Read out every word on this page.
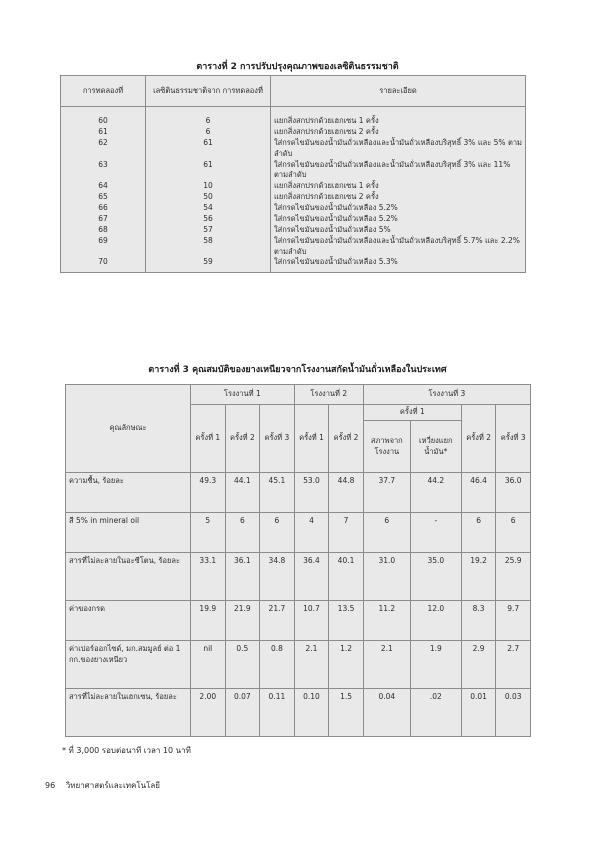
ตารางที่ 2 การปรับปรุงคุณภาพของเลซิตินธรรมชาติ
การทดลองที่	เลซิตินธรรมชาติจาก การทดลองที่	รายละเอียด
60	6	แยกสิ่งสกปรกด้วยเฮกเซน 1 ครั้ง
61	6	แยกสิ่งสกปรกด้วยเฮกเซน 2 ครั้ง
62	61	ใส่กรดไขมันของน้ำมันถั่วเหลืองและน้ำมันถั่วเหลืองบริสุทธิ์ 3% และ 5% ตามลำดับ
63	61	ใส่กรดไขมันของน้ำมันถั่วเหลืองและน้ำมันถั่วเหลืองบริสุทธิ์ 3% และ 11% ตามลำดับ
64	10	แยกสิ่งสกปรกด้วยเฮกเซน 1 ครั้ง
65	50	แยกสิ่งสกปรกด้วยเฮกเซน 2 ครั้ง
66	54	ใส่กรดไขมันของน้ำมันถั่วเหลือง 5.2%
67	56	ใส่กรดไขมันของน้ำมันถั่วเหลือง 5.2%
68	57	ใส่กรดไขมันของน้ำมันถั่วเหลือง 5%
69	58	ใส่กรดไขมันของน้ำมันถั่วเหลืองและน้ำมันถั่วเหลืองบริสุทธิ์ 5.7% และ 2.2% ตามลำดับ
70	59	ใส่กรดไขมันของน้ำมันถั่วเหลือง 5.3%
ตารางที่ 3 คุณสมบัติของยางเหนียวจากโรงงานสกัดน้ำมันถั่วเหลืองในประเทศ
คุณลักษณะ	โรงงานที่ 1			โรงงานที่ 2		โรงงานที่ 3			
	ครั้งที่ 1	ครั้งที่ 2	ครั้งที่ 3	ครั้งที่ 1	ครั้งที่ 2	ครั้งที่ 1		ครั้งที่ 2	ครั้งที่ 3
						สภาพจากโรงงาน	เหวี่ยงแยกน้ำมัน*		
ความชื้น, ร้อยละ	49.3	44.1	45.1	53.0	44.8	37.7	44.2	46.4	36.0
สี 5% in mineral oil	5	6	6	4	7	6	-	6	6
สารที่ไม่ละลายในอะซีโตน, ร้อยละ	33.1	36.1	34.8	36.4	40.1	31.0	35.0	19.2	25.9
ค่าของกรด	19.9	21.9	21.7	10.7	13.5	11.2	12.0	8.3	9.7
ค่าเปอร์ออกไซด์, มก.สมมูลย์ ต่อ 1 กก.ของยางเหนียว	nil	0.5	0.8	2.1	1.2	2.1	1.9	2.9	2.7
สารที่ไม่ละลายในเฮกเซน, ร้อยละ	2.00	0.07	0.11	0.10	1.5	0.04	.02	0.01	0.03
* ที่ 3,000 รอบต่อนาที เวลา 10 นาที
96 วิทยาศาสตร์และเทคโนโลยี
